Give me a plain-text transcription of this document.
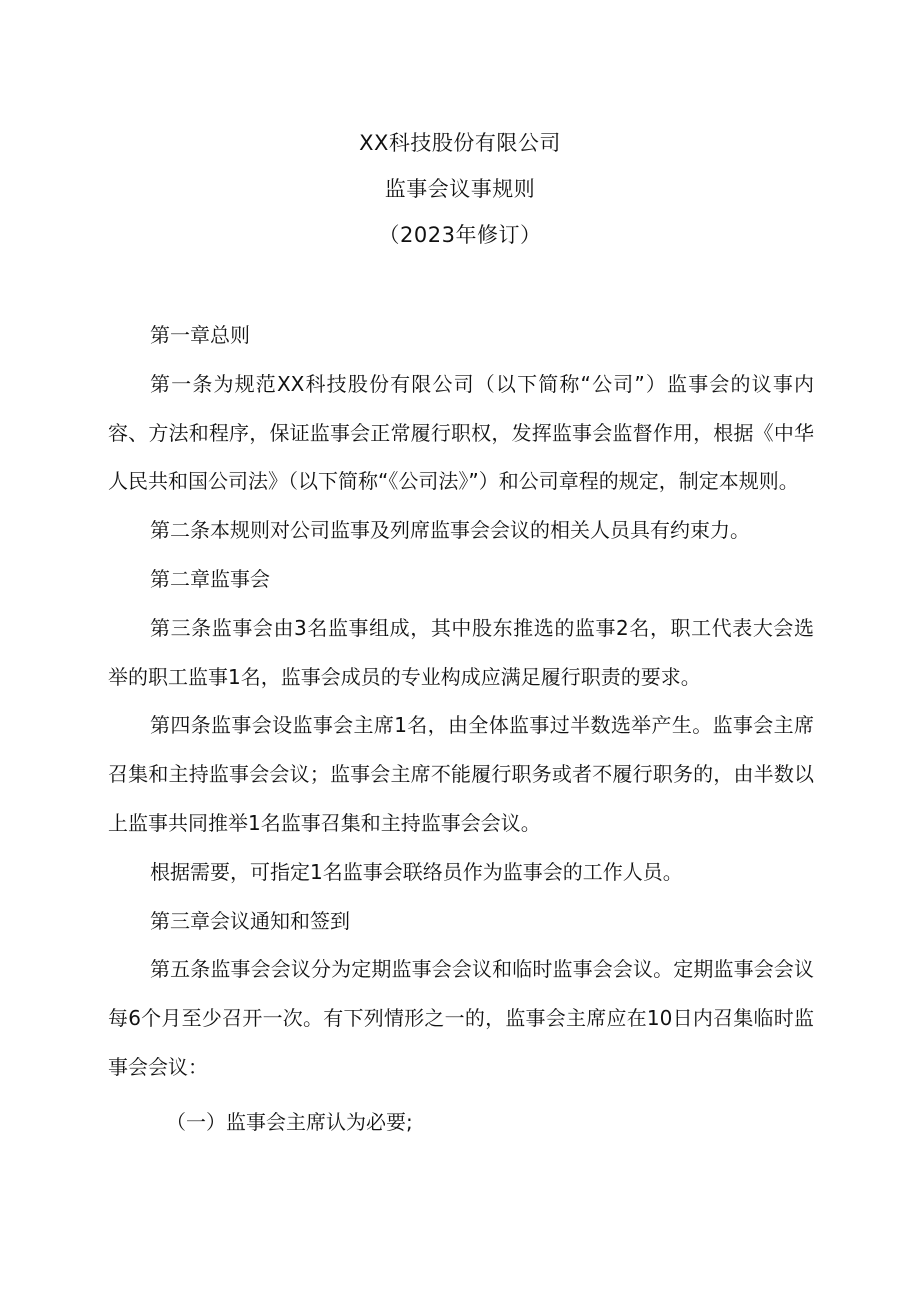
XX科技股份有限公司
监事会议事规则
（2023年修订）

第一章总则

第一条为规范XX科技股份有限公司（以下简称“公司”）监事会的议事内容、方法和程序，保证监事会正常履行职权，发挥监事会监督作用，根据《中华人民共和国公司法》（以下简称“《公司法》”）和公司章程的规定，制定本规则。

第二条本规则对公司监事及列席监事会会议的相关人员具有约束力。

第二章监事会

第三条监事会由3名监事组成，其中股东推选的监事2名，职工代表大会选举的职工监事1名，监事会成员的专业构成应满足履行职责的要求。

第四条监事会设监事会主席1名，由全体监事过半数选举产生。监事会主席召集和主持监事会会议；监事会主席不能履行职务或者不履行职务的，由半数以上监事共同推举1名监事召集和主持监事会会议。

根据需要，可指定1名监事会联络员作为监事会的工作人员。

第三章会议通知和签到

第五条监事会会议分为定期监事会会议和临时监事会会议。定期监事会会议每6个月至少召开一次。有下列情形之一的，监事会主席应在10日内召集临时监事会会议：

（一）监事会主席认为必要;
